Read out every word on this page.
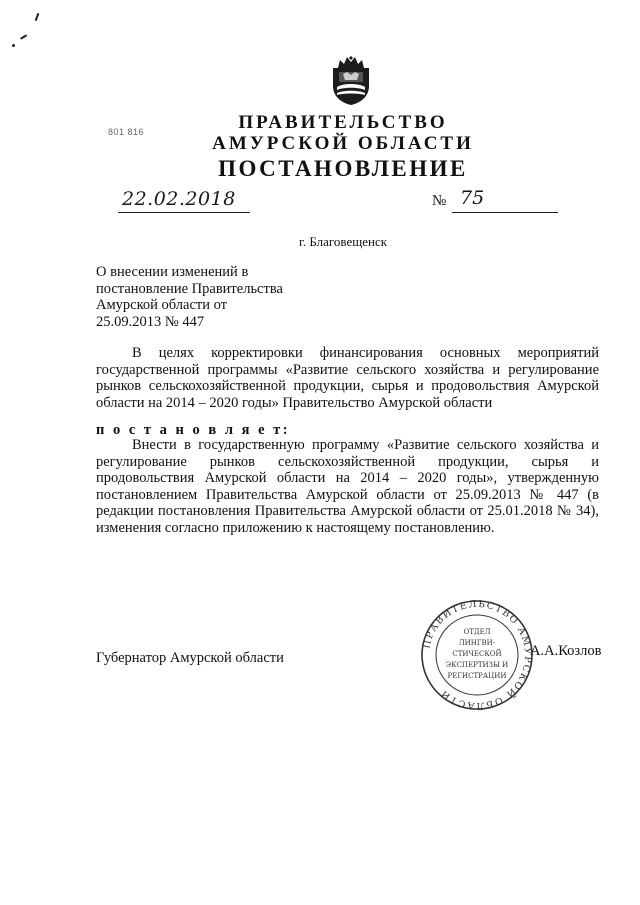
801 816	ПРАВИТЕЛЬСТВО
АМУРСКОЙ ОБЛАСТИ
ПОСТАНОВЛЕНИЕ
22.02.2018	№ 75
г. Благовещенск
О внесении изменений в
постановление Правительства
Амурской области от
25.09.2013 № 447
В целях корректировки финансирования основных мероприятий государственной программы «Развитие сельского хозяйства и регулирование рынков сельскохозяйственной продукции, сырья и продовольствия Амурской области на 2014 – 2020 годы» Правительство Амурской области
п о с т а н о в л я е т:
Внести в государственную программу «Развитие сельского хозяйства и регулирование рынков сельскохозяйственной продукции, сырья и продовольствия Амурской области на 2014 – 2020 годы», утвержденную постановлением Правительства Амурской области от 25.09.2013 № 447 (в редакции постановления Правительства Амурской области от 25.01.2018 № 34), изменения согласно приложению к настоящему постановлению.
Губернатор Амурской области
ПРАВИТЕЛЬСТВО АМУРСКОЙ ОБЛАСТИ
ОТДЕЛ
ЛИНГВИ-
СТИЧЕСКОЙ
ЭКСПЕРТИЗЫ И
РЕГИСТРАЦИИ
А.А.Козлов
